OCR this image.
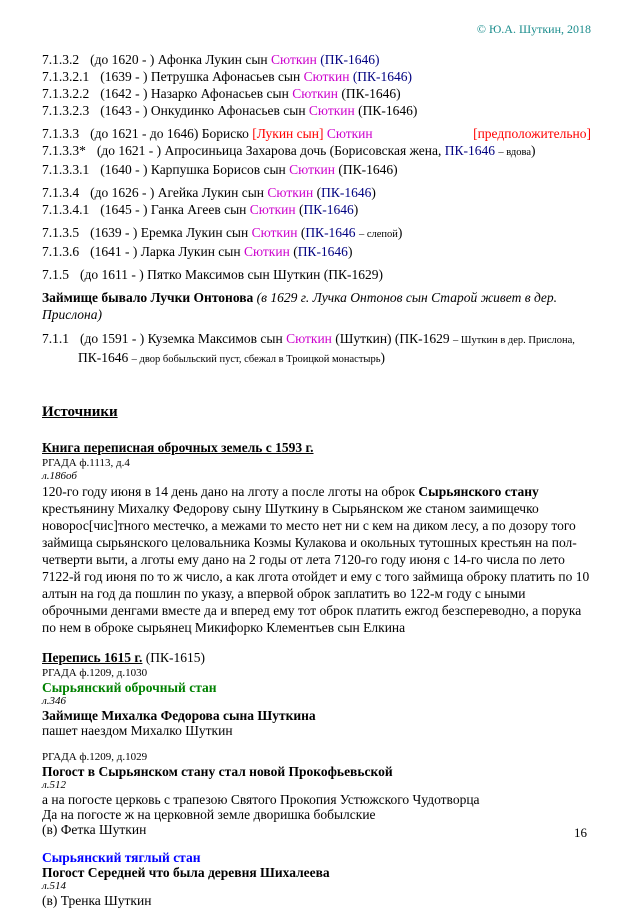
© Ю.А. Шуткин, 2018
7.1.3.2 (до 1620 - ) Афонка Лукин сын Сюткин (ПК-1646)
7.1.3.2.1 (1639 - ) Петрушка Афонасьев сын Сюткин (ПК-1646)
7.1.3.2.2 (1642 - ) Назарко Афонасьев сын Сюткин (ПК-1646)
7.1.3.2.3 (1643 - ) Онкудинко Афонасьев сын Сюткин (ПК-1646)
7.1.3.3 (до 1621 - до 1646) Бориско [Лукин сын] Сюткин	[предположительно]
7.1.3.3* (до 1621 - ) Апросиньица Захарова дочь (Борисовская жена, ПК-1646 – вдова)
7.1.3.3.1 (1640 - ) Карпушка Борисов сын Сюткин (ПК-1646)
7.1.3.4 (до 1626 - ) Агейка Лукин сын Сюткин (ПК-1646)
7.1.3.4.1 (1645 - ) Ганка Агеев сын Сюткин (ПК-1646)
7.1.3.5 (1639 - ) Еремка Лукин сын Сюткин (ПК-1646 – слепой)
7.1.3.6 (1641 - ) Ларка Лукин сын Сюткин (ПК-1646)
7.1.5 (до 1611 - ) Пятко Максимов сын Шуткин (ПК-1629)
Займище бывало Лучки Онтонова (в 1629 г. Лучка Онтонов сын Старой живет в дер. Прислона)
7.1.1 (до 1591 - ) Куземка Максимов сын Сюткин (Шуткин) (ПК-1629 – Шуткин в дер. Прислона,
ПК-1646 – двор бобыльский пуст, сбежал в Троицкой монастырь)
Источники
Книга переписная оброчных земель с 1593 г.
РГАДА ф.1113, д.4
л.186об
120-го году июня в 14 день дано на лготу а после лготы на оброк Сырьянского стану крестьянину Михалку Федорову сыну Шуткину в Сырьянском же станом заимищечко новорос[чис]тного местечко, а межами то место нет ни с кем на диком лесу, а по дозору того займища сырьянского целовальника Козмы Кулакова и окольных тутошных крестьян на пол-четверти выти, а лготы ему дано на 2 годы от лета 7120-го году июня с 14-го числа по лето 7122-й год июня по то ж число, а как лгота отойдет и ему с того займища оброку платить по 10 алтын на год да пошлин по указу, а впервой оброк заплатить во 122-м году с ыными оброчными денгами вместе да и вперед ему тот оброк платить ежгод безспереводно, а порука по нем в оброке сырьянец Микифорко Клементьев сын Елкина
Перепись 1615 г. (ПК-1615)
РГАДА ф.1209, д.1030
Сырьянский оброчный стан
л.346
Займище Михалка Федорова сына Шуткина
пашет наездом Михалко Шуткин
РГАДА ф.1209, д.1029
Погост в Сырьянском стану стал новой Прокофьевьской
л.512
а на погосте церковь с трапезою Святого Прокопия Устюжского Чудотворца
Да на погосте ж на церковной земле дворишка бобылские
(в) Фетка Шуткин
Сырьянский тяглый стан
Погост Середней что была деревня Шихалеева
л.514
(в) Тренка Шуткин
16
